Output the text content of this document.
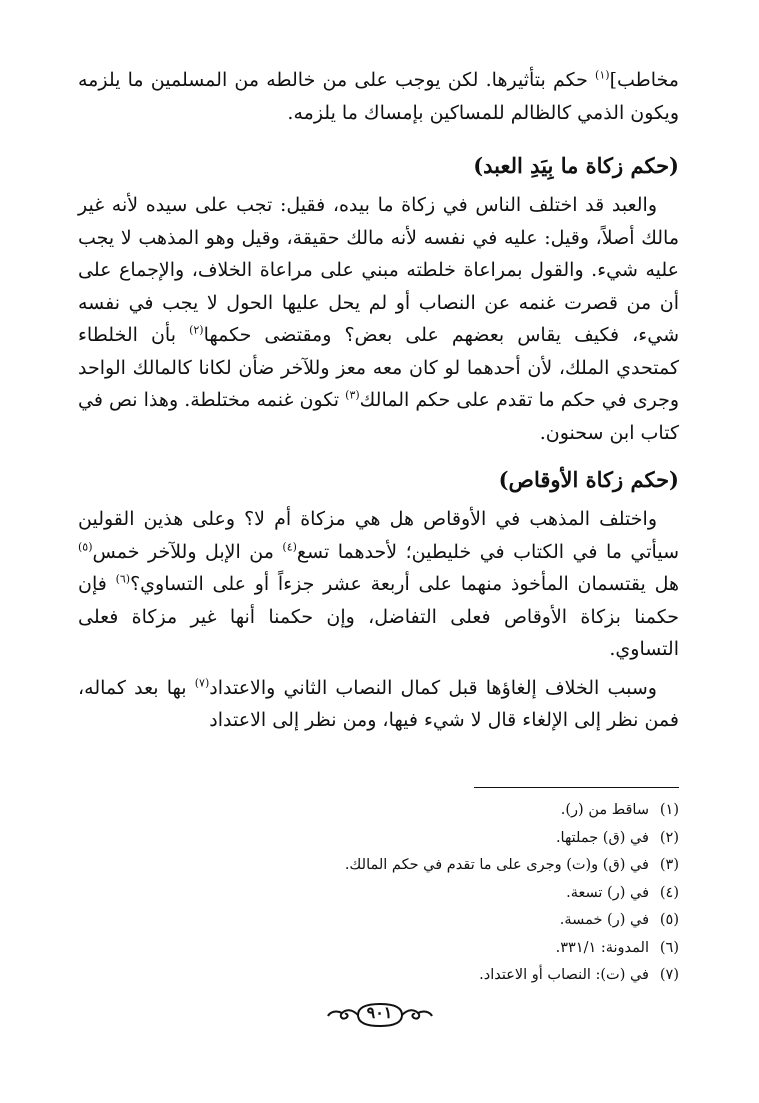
مخاطب]$^{(١)}$ حكم بتأثيرها. لكن يوجب على من خالطه من المسلمين ما يلزمه ويكون الذمي كالظالم للمساكين بإمساك ما يلزمه.

(حكم زكاة ما بِيَدِ العبد)

والعبد قد اختلف الناس في زكاة ما بيده، فقيل: تجب على سيده لأنه غير مالك أصلاً، وقيل: عليه في نفسه لأنه مالك حقيقة، وقيل وهو المذهب لا يجب عليه شيء. والقول بمراعاة خلطته مبني على مراعاة الخلاف، والإجماع على أن من قصرت غنمه عن النصاب أو لم يحل عليها الحول لا يجب في نفسه شيء، فكيف يقاس بعضهم على بعض؟ ومقتضى حكمها$^{(٢)}$ بأن الخلطاء كمتحدي الملك، لأن أحدهما لو كان معه معز وللآخر ضأن لكانا كالمالك الواحد وجرى في حكم ما تقدم على حكم المالك$^{(٣)}$ تكون غنمه مختلطة. وهذا نص في كتاب ابن سحنون.

(حكم زكاة الأوقاص)

واختلف المذهب في الأوقاص هل هي مزكاة أم لا؟ وعلى هذين القولين سيأتي ما في الكتاب في خليطين؛ لأحدهما تسع$^{(٤)}$ من الإبل وللآخر خمس$^{(٥)}$ هل يقتسمان المأخوذ منهما على أربعة عشر جزءاً أو على التساوي؟$^{(٦)}$ فإن حكمنا بزكاة الأوقاص فعلى التفاضل، وإن حكمنا أنها غير مزكاة فعلى التساوي.

وسبب الخلاف إلغاؤها قبل كمال النصاب الثاني والاعتداد$^{(٧)}$ بها بعد كماله، فمن نظر إلى الإلغاء قال لا شيء فيها، ومن نظر إلى الاعتداد

(١)
ساقط من (ر).
(٢)
في (ق) جملتها.
(٣)
في (ق) و(ت) وجرى على ما تقدم في حكم المالك.
(٤)
في (ر) تسعة.
(٥)
في (ر) خمسة.
(٦)
المدونة: ٣٣١/١.
(٧)
في (ت): النصاب أو الاعتداد.
٩٠١
